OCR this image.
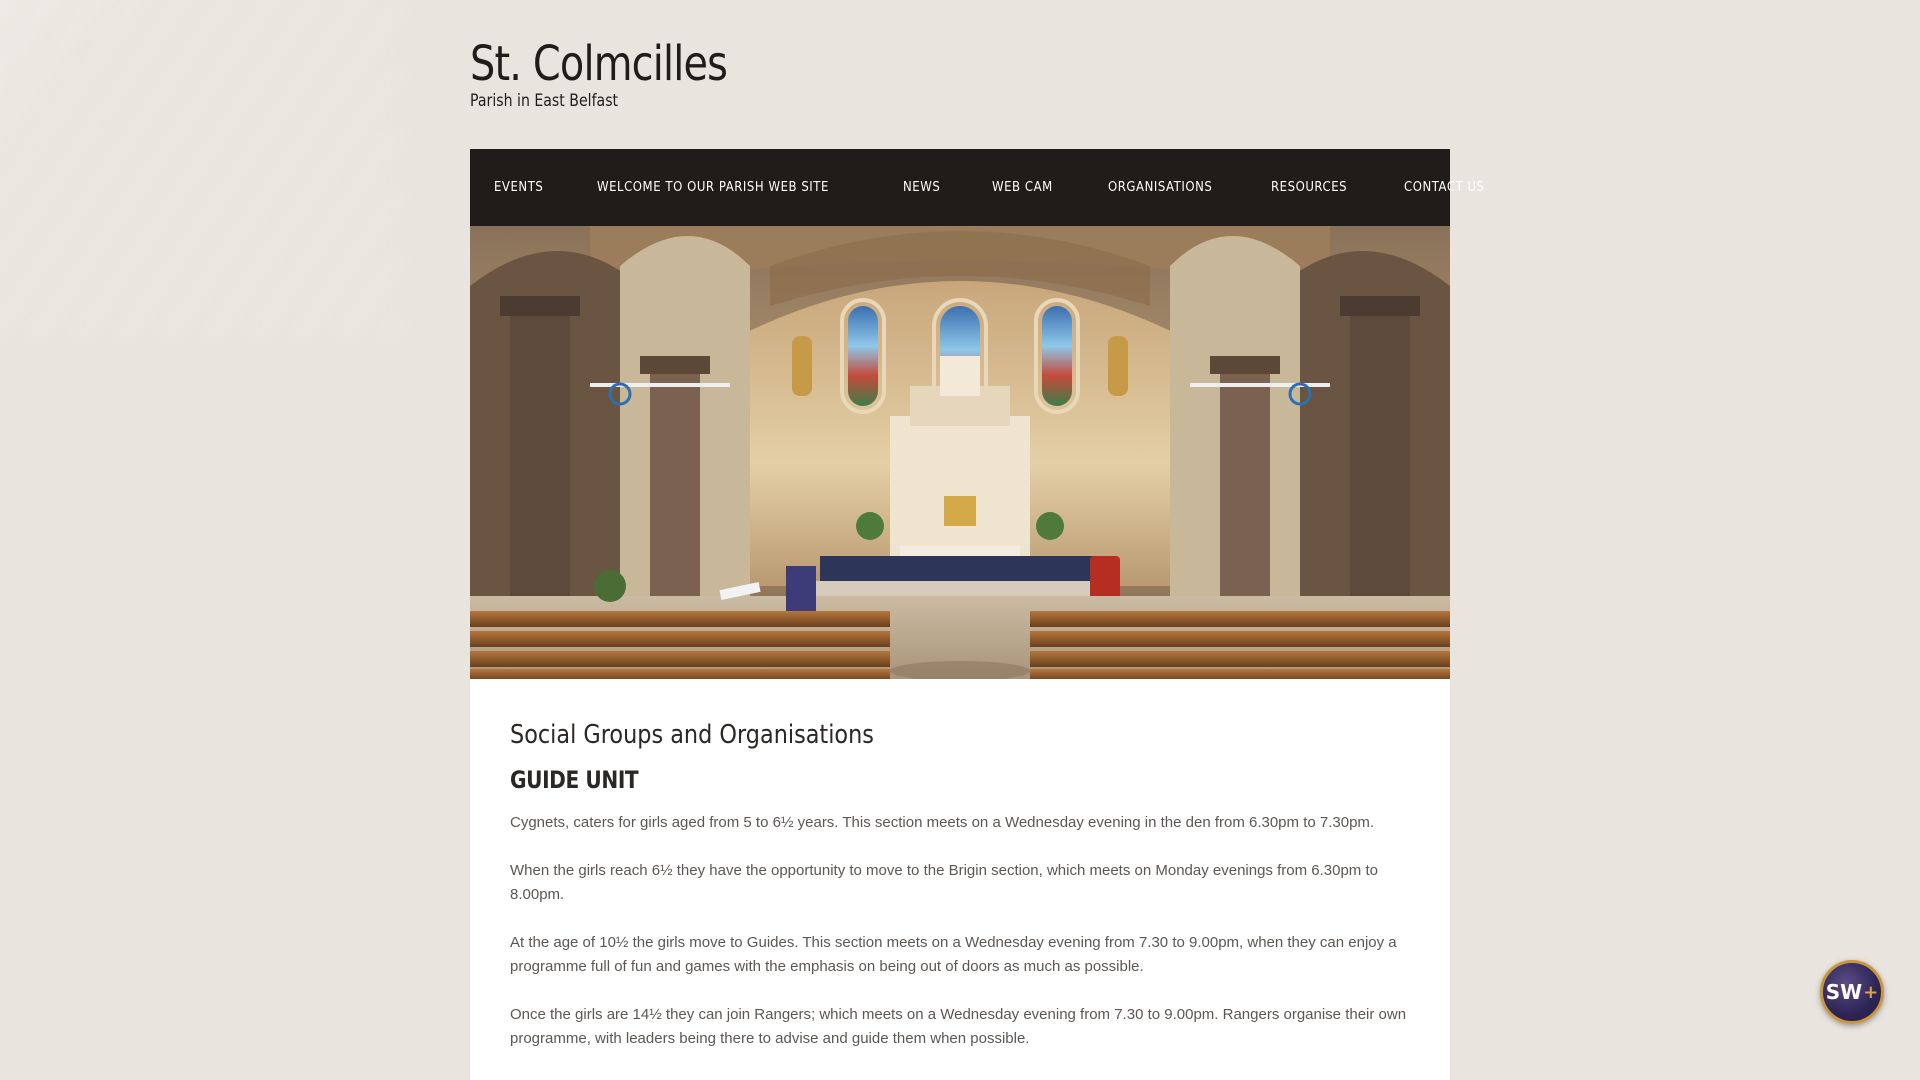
St. Colmcilles
Parish in East Belfast
EVENTS	WELCOME TO OUR PARISH WEB SITE	NEWS	WEB CAM	ORGANISATIONS	RESOURCES	CONTACT US
Social Groups and Organisations
GUIDE UNIT

Cygnets, caters for girls aged from 5 to 6½ years. This section meets on a Wednesday evening in the den from 6.30pm to 7.30pm.

When the girls reach 6½ they have the opportunity to move to the Brigin section, which meets on Monday evenings from 6.30pm to 8.00pm.

At the age of 10½ the girls move to Guides. This section meets on a Wednesday evening from 7.30 to 9.00pm, when they can enjoy a programme full of fun and games with the emphasis on being out of doors as much as possible.

Once the girls are 14½ they can join Rangers; which meets on a Wednesday evening from 7.30 to 9.00pm. Rangers organise their own programme, with leaders being there to advise and guide them when possible.

SW +
